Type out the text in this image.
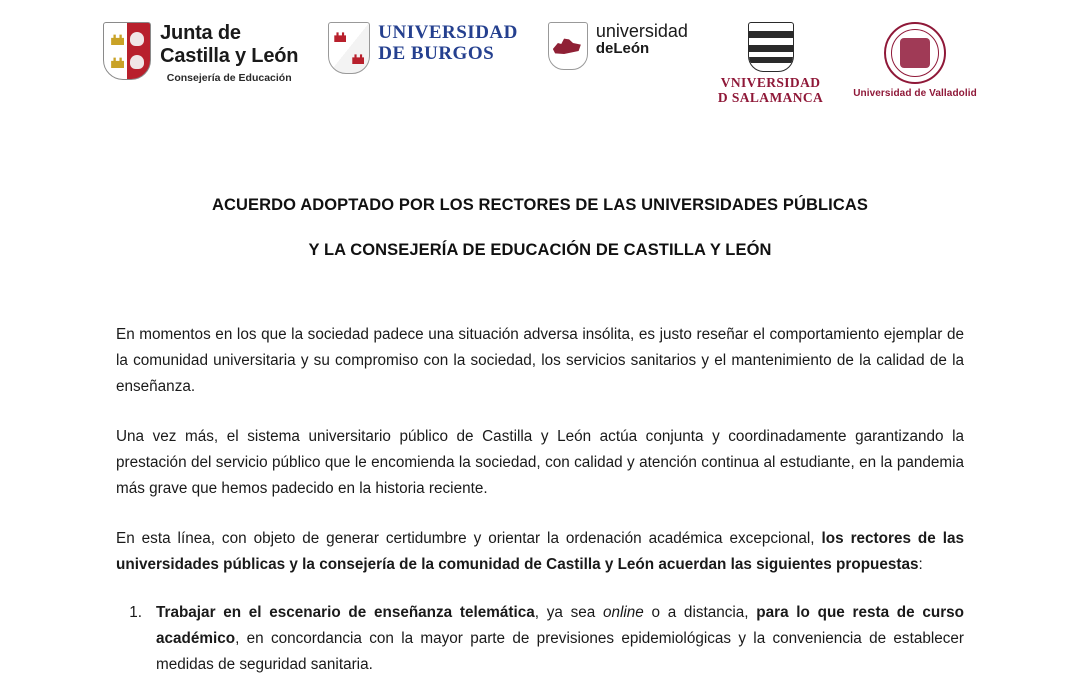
Junta de
Castilla y León
Consejería de Educación
UNIVERSIDAD
DE BURGOS
universidad
deLeón
VNIVERSIDAD
D SALAMANCA	Universidad de Valladolid
ACUERDO ADOPTADO POR LOS RECTORES DE LAS UNIVERSIDADES PÚBLICAS
Y LA CONSEJERÍA DE EDUCACIÓN DE CASTILLA Y LEÓN

En momentos en los que la sociedad padece una situación adversa insólita, es justo reseñar el comportamiento ejemplar de la comunidad universitaria y su compromiso con la sociedad, los servicios sanitarios y el mantenimiento de la calidad de la enseñanza.

Una vez más, el sistema universitario público de Castilla y León actúa conjunta y coordinadamente garantizando la prestación del servicio público que le encomienda la sociedad, con calidad y atención continua al estudiante, en la pandemia más grave que hemos padecido en la historia reciente.

En esta línea, con objeto de generar certidumbre y orientar la ordenación académica excepcional, los rectores de las universidades públicas y la consejería de la comunidad de Castilla y León acuerdan las siguientes propuestas:

1. Trabajar en el escenario de enseñanza telemática, ya sea online o a distancia, para lo que resta de curso académico, en concordancia con la mayor parte de previsiones epidemiológicas y la conveniencia de establecer medidas de seguridad sanitaria.
